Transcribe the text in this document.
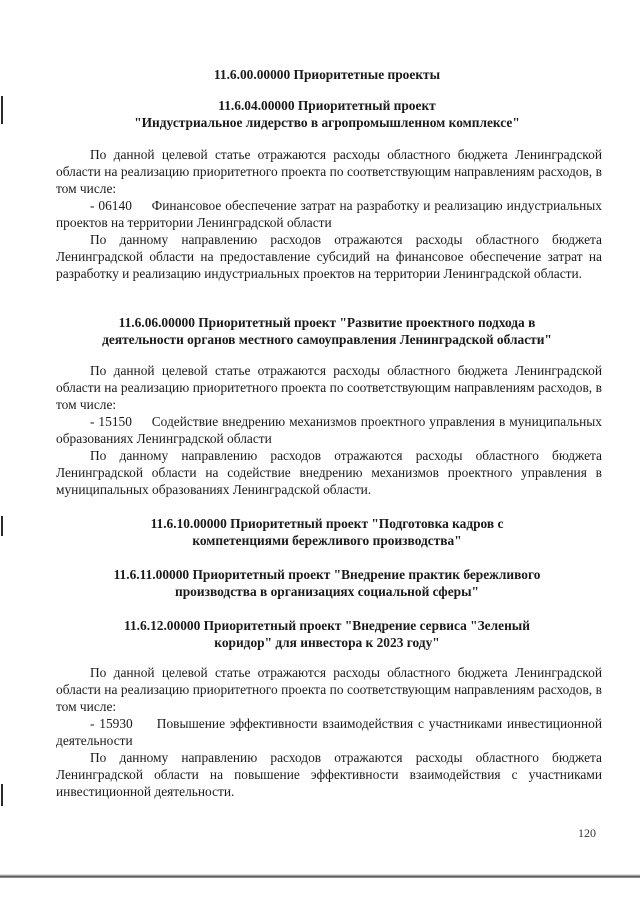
11.6.00.00000 Приоритетные проекты
11.6.04.00000 Приоритетный проект
"Индустриальное лидерство в агропромышленном комплексе"
По данной целевой статье отражаются расходы областного бюджета Ленинградской области на реализацию приоритетного проекта по соответствующим направлениям расходов, в том числе:
- 06140 Финансовое обеспечение затрат на разработку и реализацию индустриальных проектов на территории Ленинградской области
По данному направлению расходов отражаются расходы областного бюджета Ленинградской области на предоставление субсидий на финансовое обеспечение затрат на разработку и реализацию индустриальных проектов на территории Ленинградской области.
11.6.06.00000 Приоритетный проект "Развитие проектного подхода в
деятельности органов местного самоуправления Ленинградской области"
По данной целевой статье отражаются расходы областного бюджета Ленинградской области на реализацию приоритетного проекта по соответствующим направлениям расходов, в том числе:
- 15150 Содействие внедрению механизмов проектного управления в муниципальных образованиях Ленинградской области
По данному направлению расходов отражаются расходы областного бюджета Ленинградской области на содействие внедрению механизмов проектного управления в муниципальных образованиях Ленинградской области.
11.6.10.00000 Приоритетный проект "Подготовка кадров с
компетенциями бережливого производства"
11.6.11.00000 Приоритетный проект "Внедрение практик бережливого
производства в организациях социальной сферы"
11.6.12.00000 Приоритетный проект "Внедрение сервиса "Зеленый
коридор" для инвестора к 2023 году"
По данной целевой статье отражаются расходы областного бюджета Ленинградской области на реализацию приоритетного проекта по соответствующим направлениям расходов, в том числе:
- 15930 Повышение эффективности взаимодействия с участниками инвестиционной деятельности
По данному направлению расходов отражаются расходы областного бюджета Ленинградской области на повышение эффективности взаимодействия с участниками инвестиционной деятельности.
120
